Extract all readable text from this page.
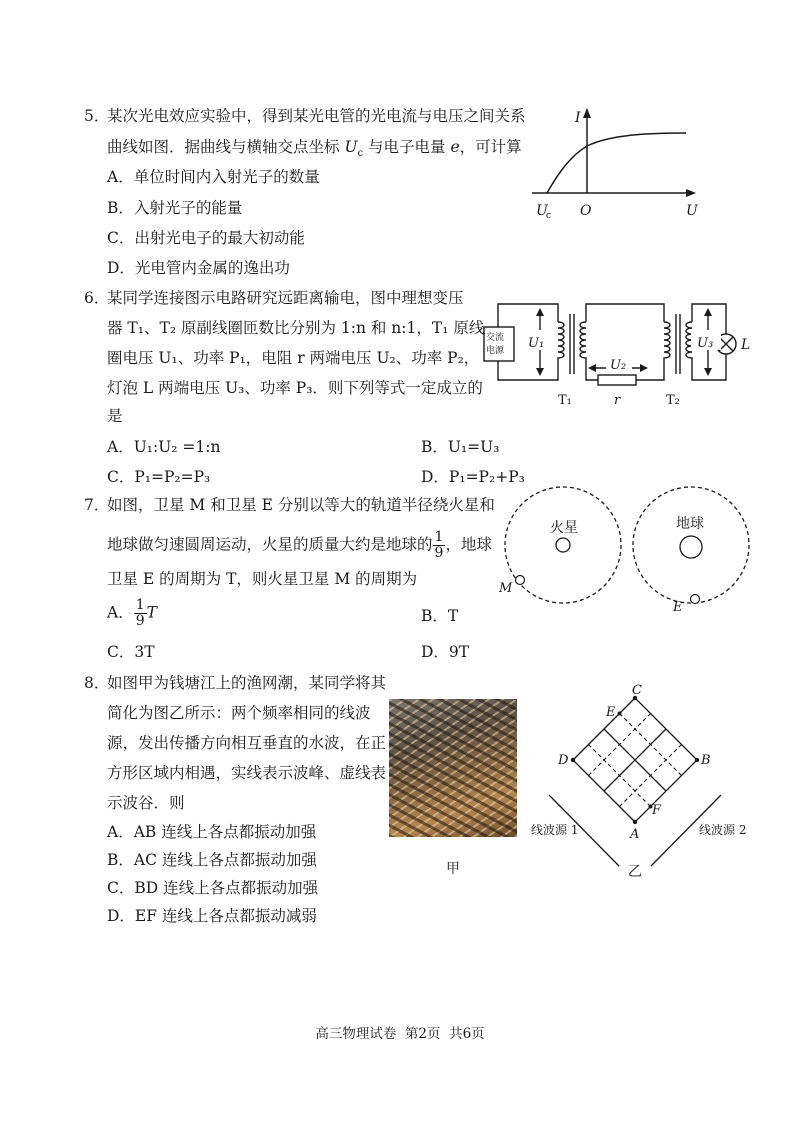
5．
某次光电效应实验中，得到某光电管的光电流与电压之间关系
曲线如图．据曲线与横轴交点坐标 $U_c$ 与电子电量 e，可计算
A．单位时间内入射光子的数量
B．入射光子的能量
C．出射光电子的最大初动能
D．光电管内金属的逸出功
I
U
O
U
c
6．
某同学连接图示电路研究远距离输电，图中理想变压
器 T₁、T₂ 原副线圈匝数比分别为 1:n 和 n:1，T₁ 原线
圈电压 U₁、功率 P₁，电阻 r 两端电压 U₂、功率 P₂，
灯泡 L 两端电压 U₃、功率 P₃．则下列等式一定成立的
是
A．U₁:U₂ =1:n	B．U₁=U₃
C．P₁=P₂=P₃	D．P₁=P₂+P₃
交流
电源 U₁	U₃
U₂
L
r
T₁	T₂
7．
如图，卫星 M 和卫星 E 分别以等大的轨道半径绕火星和
地球做匀速圆周运动，火星的质量大约是地球的 $\frac{1}{9}$ ，地球
卫星 E 的周期为 T，则火星卫星 M 的周期为
A． $\frac{1}{9}$ T	B．T
C．3T	D．9T
火星
M
地球
E
8．
如图甲为钱塘江上的渔网潮，某同学将其
简化为图乙所示：两个频率相同的线波
源，发出传播方向相互垂直的水波，在正
方形区域内相遇，实线表示波峰、虚线表
示波谷．则
A．AB 连线上各点都振动加强
B．AC 连线上各点都振动加强
C．BD 连线上各点都振动加强
D．EF 连线上各点都振动减弱
甲
A
B
C
D
E
F
线波源 1	线波源 2
乙
高三物理试卷  第2页  共6页
